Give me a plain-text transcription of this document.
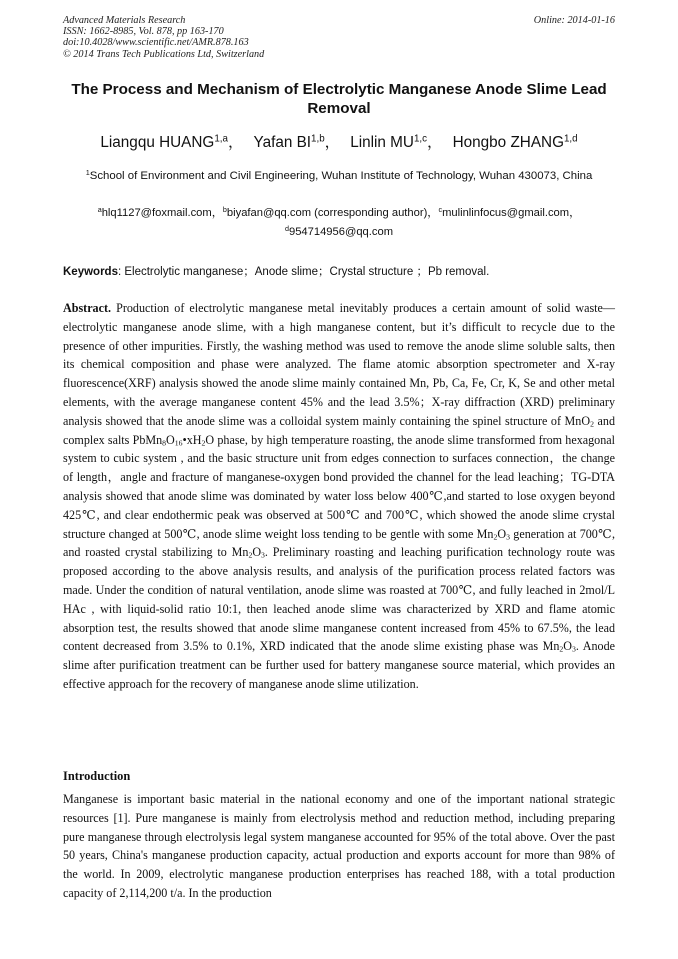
Advanced Materials Research
ISSN: 1662-8985, Vol. 878, pp 163-170
doi:10.4028/www.scientific.net/AMR.878.163
© 2014 Trans Tech Publications Ltd, Switzerland
Online: 2014-01-16
The Process and Mechanism of Electrolytic Manganese Anode Slime Lead Removal
Liangqu HUANG$^{1,a}$， Yafan BI$^{1,b}$， Linlin MU$^{1,c}$， Hongbo ZHANG$^{1,d}$
$^1$School of Environment and Civil Engineering, Wuhan Institute of Technology, Wuhan 430073, China
$^a$hlq1127@foxmail.com，$^b$biyafan@qq.com (corresponding author)，$^c$mulinlinfocus@gmail.com，
$^d$954714956@qq.com
Keywords: Electrolytic manganese；Anode slime；Crystal structure ；Pb removal.
Abstract. Production of electrolytic manganese metal inevitably produces a certain amount of solid waste—electrolytic manganese anode slime, with a high manganese content, but it’s difficult to recycle due to the presence of other impurities. Firstly, the washing method was used to remove the anode slime soluble salts, then its chemical composition and phase were analyzed. The flame atomic absorption spectrometer and X-ray fluorescence(XRF) analysis showed the anode slime mainly contained Mn, Pb, Ca, Fe, Cr, K, Se and other metal elements, with the average manganese content 45% and the lead 3.5%；X-ray diffraction (XRD) preliminary analysis showed that the anode slime was a colloidal system mainly containing the spinel structure of MnO$_2$ and complex salts $PbMn_8O_{16}•xH_2O$ phase, by high temperature roasting, the anode slime transformed from hexagonal system to cubic system , and the basic structure unit from edges connection to surfaces connection，the change of length，angle and fracture of manganese-oxygen bond provided the channel for the lead leaching；TG-DTA analysis showed that anode slime was dominated by water loss below 400℃,and started to lose oxygen beyond 425℃, and clear endothermic peak was observed at 500℃ and 700℃, which showed the anode slime crystal structure changed at 500℃, anode slime weight loss tending to be gentle with some $Mn_2O_3$ generation at 700℃, and roasted crystal stabilizing to $Mn_2O_3$. Preliminary roasting and leaching purification technology route was proposed according to the above analysis results, and analysis of the purification process related factors was made. Under the condition of natural ventilation, anode slime was roasted at 700℃, and fully leached in 2mol/L HAc , with liquid-solid ratio 10:1, then leached anode slime was characterized by XRD and flame atomic absorption test, the results showed that anode slime manganese content increased from 45% to 67.5%, the lead content decreased from 3.5% to 0.1%, XRD indicated that the anode slime existing phase was $Mn_2O_3$. Anode slime after purification treatment can be further used for battery manganese source material, which provides an effective approach for the recovery of manganese anode slime utilization.
Introduction
Manganese is important basic material in the national economy and one of the important national strategic resources [1]. Pure manganese is mainly from electrolysis method and reduction method, including preparing pure manganese through electrolysis legal system manganese accounted for 95% of the total above. Over the past 50 years, China's manganese production capacity, actual production and exports account for more than 98% of the world. In 2009, electrolytic manganese production enterprises has reached 188, with a total production capacity of 2,114,200 t/a. In the production
